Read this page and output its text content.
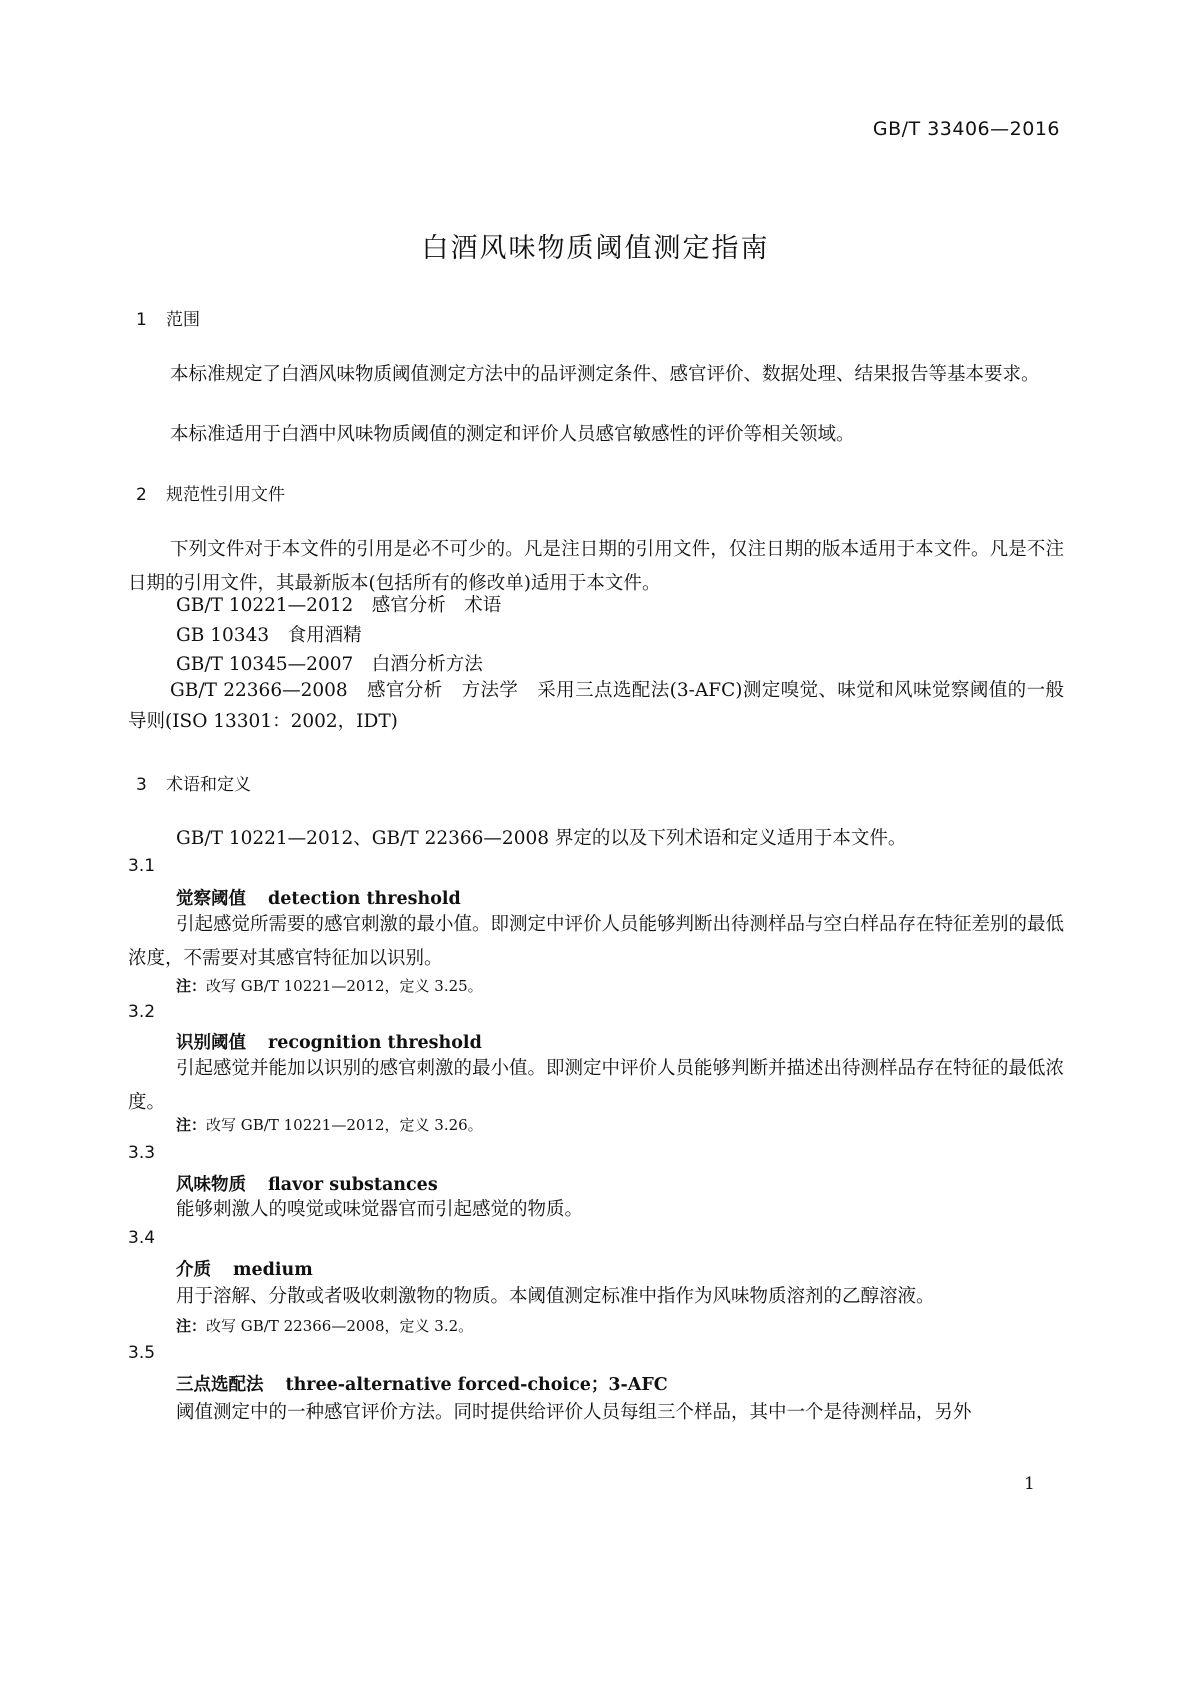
GB/T 33406—2016
白酒风味物质阈值测定指南
1 范围
本标准规定了白酒风味物质阈值测定方法中的品评测定条件、感官评价、数据处理、结果报告等基本要求。
本标准适用于白酒中风味物质阈值的测定和评价人员感官敏感性的评价等相关领域。
2 规范性引用文件
下列文件对于本文件的引用是必不可少的。凡是注日期的引用文件，仅注日期的版本适用于本文件。凡是不注日期的引用文件，其最新版本(包括所有的修改单)适用于本文件。
GB/T 10221—2012　感官分析　术语
GB 10343　食用酒精
GB/T 10345—2007　白酒分析方法
GB/T 22366—2008　感官分析　方法学　采用三点选配法(3-AFC)测定嗅觉、味觉和风味觉察阈值的一般导则(ISO 13301：2002，IDT)
3 术语和定义
GB/T 10221—2012、GB/T 22366—2008 界定的以及下列术语和定义适用于本文件。
3.1
觉察阈值 detection threshold
引起感觉所需要的感官刺激的最小值。即测定中评价人员能够判断出待测样品与空白样品存在特征差别的最低浓度，不需要对其感官特征加以识别。
注：改写 GB/T 10221—2012，定义 3.25。
3.2
识别阈值 recognition threshold
引起感觉并能加以识别的感官刺激的最小值。即测定中评价人员能够判断并描述出待测样品存在特征的最低浓度。
注：改写 GB/T 10221—2012，定义 3.26。
3.3
风味物质 flavor substances
能够刺激人的嗅觉或味觉器官而引起感觉的物质。
3.4
介质 medium
用于溶解、分散或者吸收刺激物的物质。本阈值测定标准中指作为风味物质溶剂的乙醇溶液。
注：改写 GB/T 22366—2008，定义 3.2。
3.5
三点选配法 three-alternative forced-choice；3-AFC
阈值测定中的一种感官评价方法。同时提供给评价人员每组三个样品，其中一个是待测样品，另外
1
